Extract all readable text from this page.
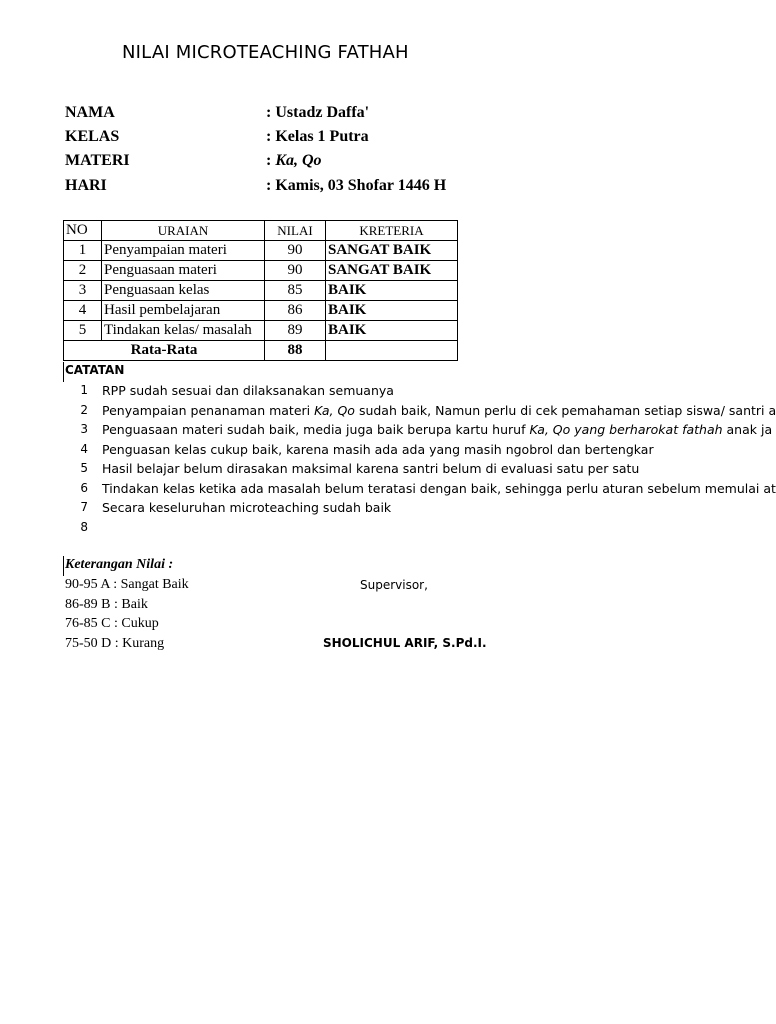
NILAI MICROTEACHING FATHAH
NAMA	: Ustadz Daffa'
KELAS	: Kelas 1 Putra
MATERI	: Ka, Qo
HARI	: Kamis, 03 Shofar 1446 H
NO	URAIAN	NILAI	KRETERIA
1	Penyampaian materi	90	SANGAT BAIK
2	Penguasaan materi	90	SANGAT BAIK
3	Penguasaan kelas	85	BAIK
4	Hasil pembelajaran	86	BAIK
5	Tindakan kelas/ masalah	89	BAIK
Rata-Rata		88	
CATATAN
1 RPP sudah sesuai dan dilaksanakan semuanya
2 Penyampaian penanaman materi Ka, Qo sudah baik, Namun perlu di cek pemahaman setiap siswa/ santri a
3 Penguasaan materi sudah baik, media juga baik berupa kartu huruf Ka, Qo yang berharokat fathah anak ja
4 Penguasan kelas cukup baik, karena masih ada ada yang masih ngobrol dan bertengkar
5 Hasil belajar belum dirasakan maksimal karena santri belum di evaluasi satu per satu
6 Tindakan kelas ketika ada masalah belum teratasi dengan baik, sehingga perlu aturan sebelum memulai at
7 Secara keseluruhan microteaching sudah baik
8
Keterangan Nilai :
90-95 A : Sangat Baik
86-89 B : Baik
76-85 C : Cukup
75-50 D : Kurang
Supervisor,
SHOLICHUL ARIF, S.Pd.I.
